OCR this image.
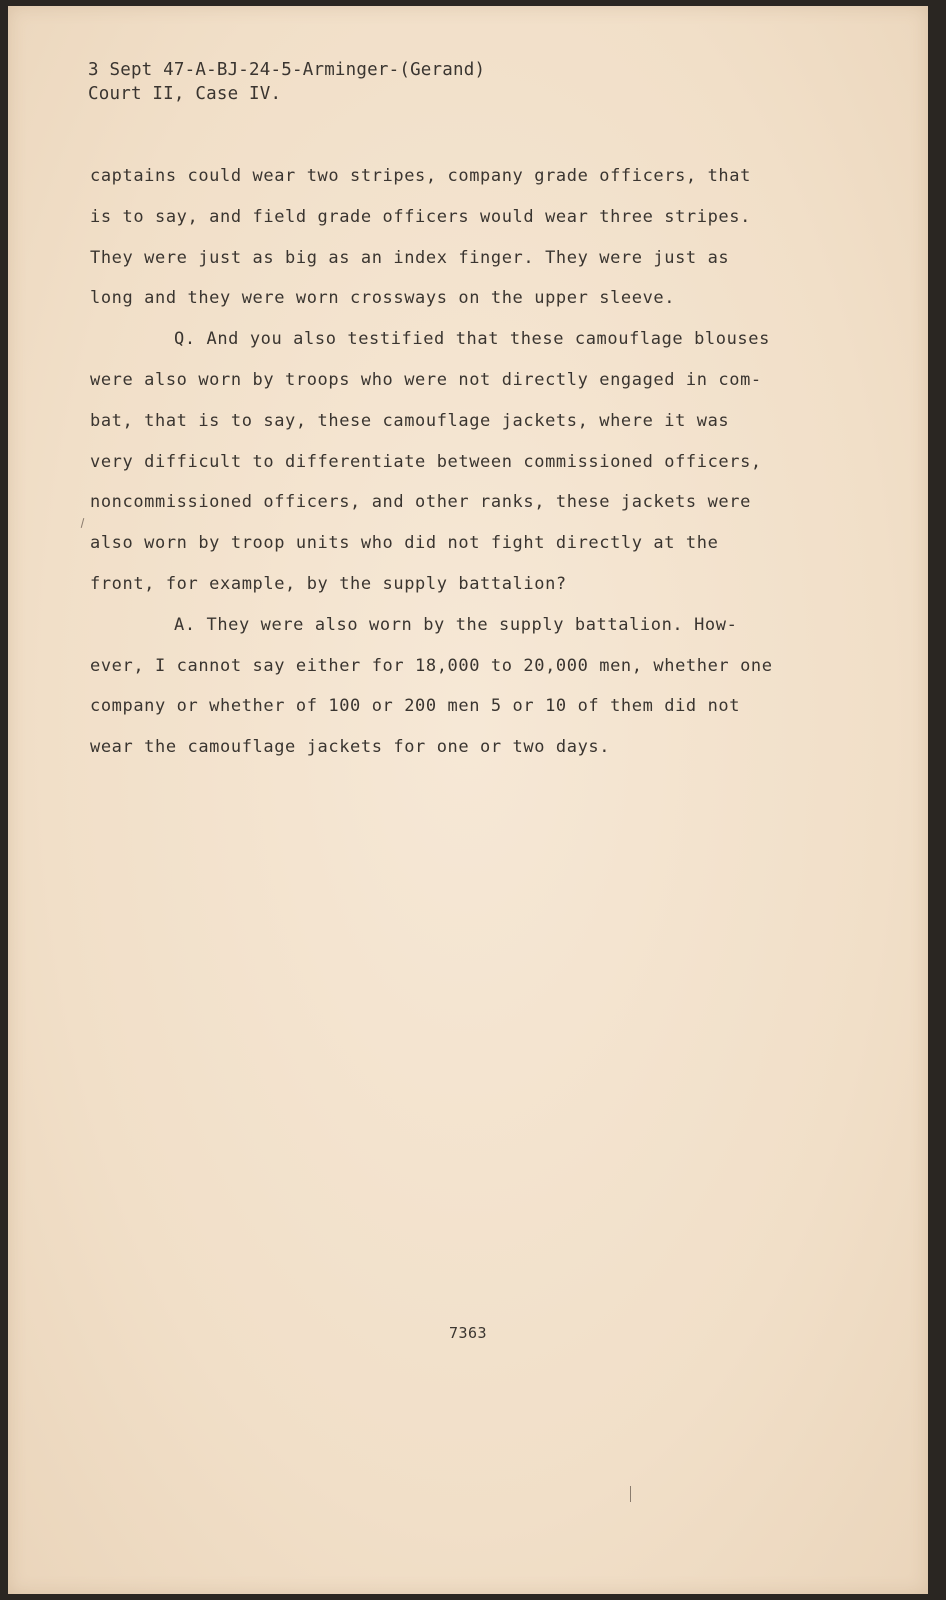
3 Sept 47-A-BJ-24-5-Arminger-(Gerand)
Court II, Case IV.
captains could wear two stripes, company grade officers, that
is to say, and field grade officers would wear three stripes.
They were just as big as an index finger. They were just as
long and they were worn crossways on the upper sleeve.
Q. And you also testified that these camouflage blouses
were also worn by troops who were not directly engaged in com-
bat, that is to say, these camouflage jackets, where it was
very difficult to differentiate between commissioned officers,
noncommissioned officers, and other ranks, these jackets were
also worn by troop units who did not fight directly at the
front, for example, by the supply battalion?
A. They were also worn by the supply battalion. How-
ever, I cannot say either for 18,000 to 20,000 men, whether one
company or whether of 100 or 200 men 5 or 10 of them did not
wear the camouflage jackets for one or two days.
7363
